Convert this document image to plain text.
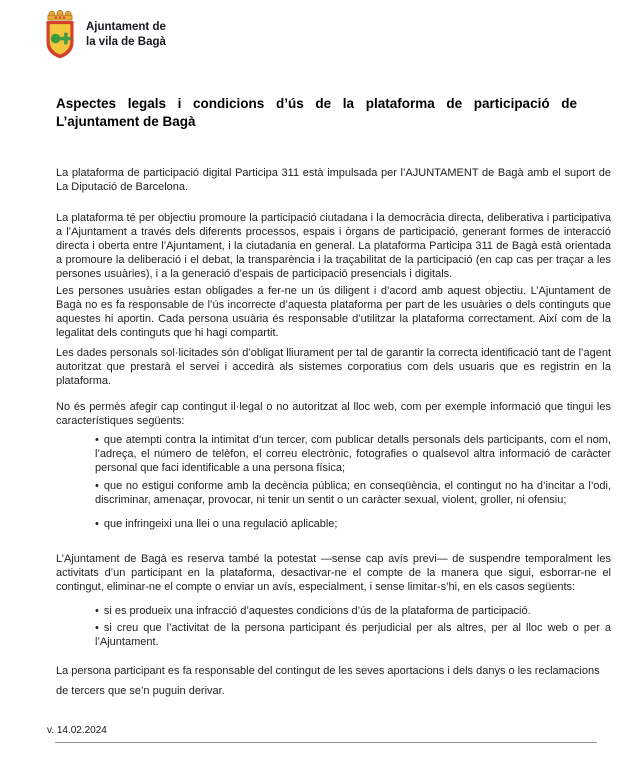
Ajuntament de
la vila de Bagà
Aspectes legals i condicions d’ús de la plataforma de participació de L’ajuntament de Bagà

La plataforma de participació digital Participa 311 està impulsada per l’AJUNTAMENT de Bagà amb el suport de La Diputació de Barcelona.

La plataforma té per objectiu promoure la participació ciutadana i la democràcia directa, deliberativa i participativa a l’Ajuntament a través dels diferents processos, espais i òrgans de participació, generant formes de interacció directa i oberta entre l’Ajuntament, i la ciutadania en general. La plataforma Participa 311 de Bagà està orientada a promoure la deliberació i el debat, la transparència i la traçabilitat de la participació (en cap cas per traçar a les persones usuàries), i a la generació d’espais de participació presencials i digitals.

Les persones usuàries estan obligades a fer-ne un ús diligent i d’acord amb aquest objectiu. L’Ajuntament de Bagà no es fa responsable de l’ús incorrecte d’aquesta plataforma per part de les usuàries o dels continguts que aquestes hi aportin. Cada persona usuària és responsable d’utilitzar la plataforma correctament. Així com de la legalitat dels continguts que hi hagi compartit.

Les dades personals sol·licitades són d’obligat lliurament per tal de garantir la correcta identificació tant de l’agent autoritzat que prestarà el servei i accedirà als sistemes corporatius com dels usuaris que es registrin en la plataforma.

No és permès afegir cap contingut il·legal o no autoritzat al lloc web, com per exemple informació que tingui les característiques següents:

• que atempti contra la intimitat d’un tercer, com publicar detalls personals dels participants, com el nom, l’adreça, el número de telèfon, el correu electrònic, fotografies o qualsevol altra informació de caràcter personal que faci identificable a una persona física;
• que no estigui conforme amb la decència pública; en conseqüència, el contingut no ha d’incitar a l’odi, discriminar, amenaçar, provocar, ni tenir un sentit o un caràcter sexual, violent, groller, ni ofensiu;
• que infringeixi una llei o una regulació aplicable;

L’Ajuntament de Bagà es reserva també la potestat —sense cap avís previ— de suspendre temporalment les activitats d’un participant en la plataforma, desactivar-ne el compte de la manera que sigui, esborrar-ne el contingut, eliminar-ne el compte o enviar un avís, especialment, i sense limitar-s’hi, en els casos següents:

• si es produeix una infracció d’aquestes condicions d’ús de la plataforma de participació.
• si creu que l’activitat de la persona participant és perjudicial per als altres, per al lloc web o per a l’Ajuntament.

La persona participant es fa responsable del contingut de les seves aportacions i dels danys o les reclamacions de tercers que se’n puguin derivar.

v. 14.02.2024
